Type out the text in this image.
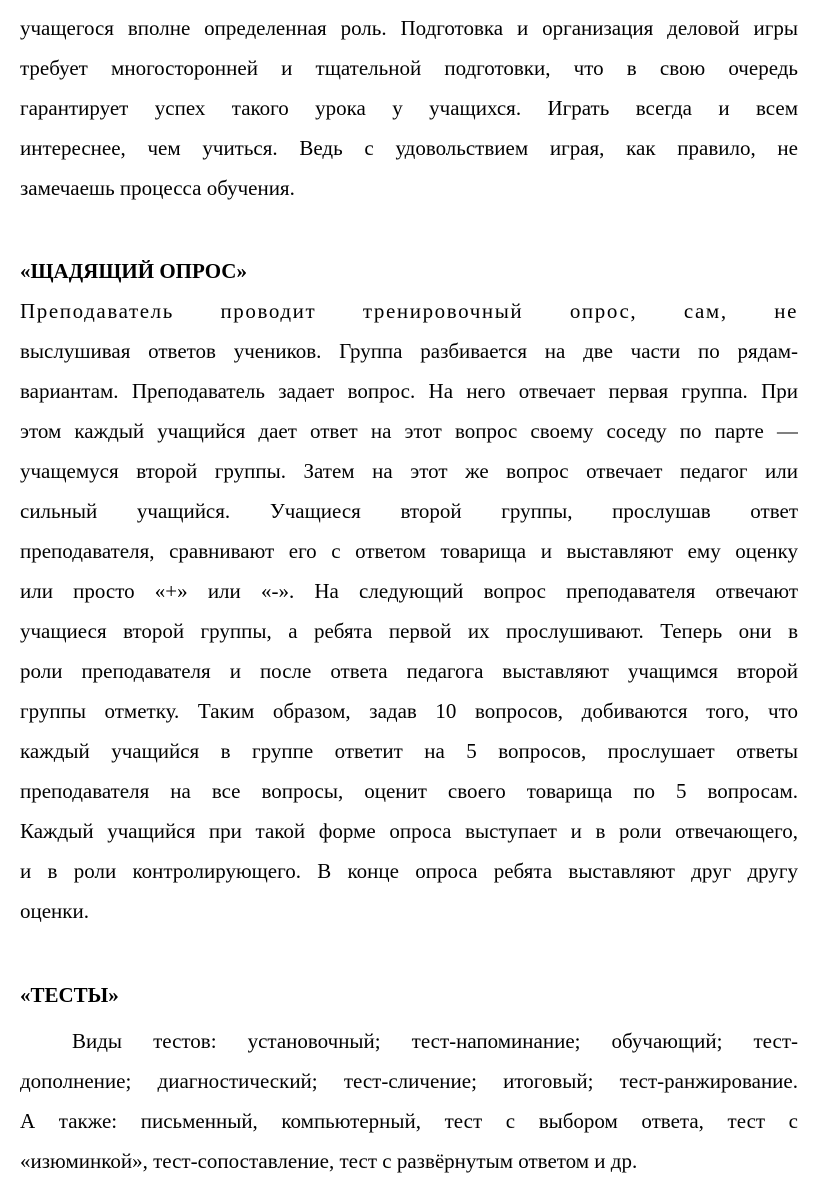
учащегося вполне определенная роль. Подготовка и организация деловой игры
требует многосторонней и тщательной подготовки, что в свою очередь
гарантирует успех такого урока у учащихся. Играть всегда и всем
интереснее, чем учиться. Ведь с удовольствием играя, как правило, не
замечаешь процесса обучения.
«ЩАДЯЩИЙ ОПРОС»
Преподаватель проводит тренировочный опрос, сам, не
выслушивая ответов учеников. Группа разбивается на две части по рядам-
вариантам. Преподаватель задает вопрос. На него отвечает первая группа. При
этом каждый учащийся дает ответ на этот вопрос своему соседу по парте —
учащемуся второй группы. Затем на этот же вопрос отвечает педагог или
сильный учащийся. Учащиеся второй группы, прослушав ответ
преподавателя, сравнивают его с ответом товарища и выставляют ему оценку
или просто «+» или «-». На следующий вопрос преподавателя отвечают
учащиеся второй группы, а ребята первой их прослушивают. Теперь они в
роли преподавателя и после ответа педагога выставляют учащимся второй
группы отметку. Таким образом, задав 10 вопросов, добиваются того, что
каждый учащийся в группе ответит на 5 вопросов, прослушает ответы
преподавателя на все вопросы, оценит своего товарища по 5 вопросам.
Каждый учащийся при такой форме опроса выступает и в роли отвечающего,
и в роли контролирующего. В конце опроса ребята выставляют друг другу
оценки.
«ТЕСТЫ»
Виды тестов: установочный; тест-напоминание; обучающий; тест-
дополнение; диагностический; тест-сличение; итоговый; тест-ранжирование.
А также: письменный, компьютерный, тест с выбором ответа, тест с
«изюминкой», тест-сопоставление, тест с развёрнутым ответом и др.
